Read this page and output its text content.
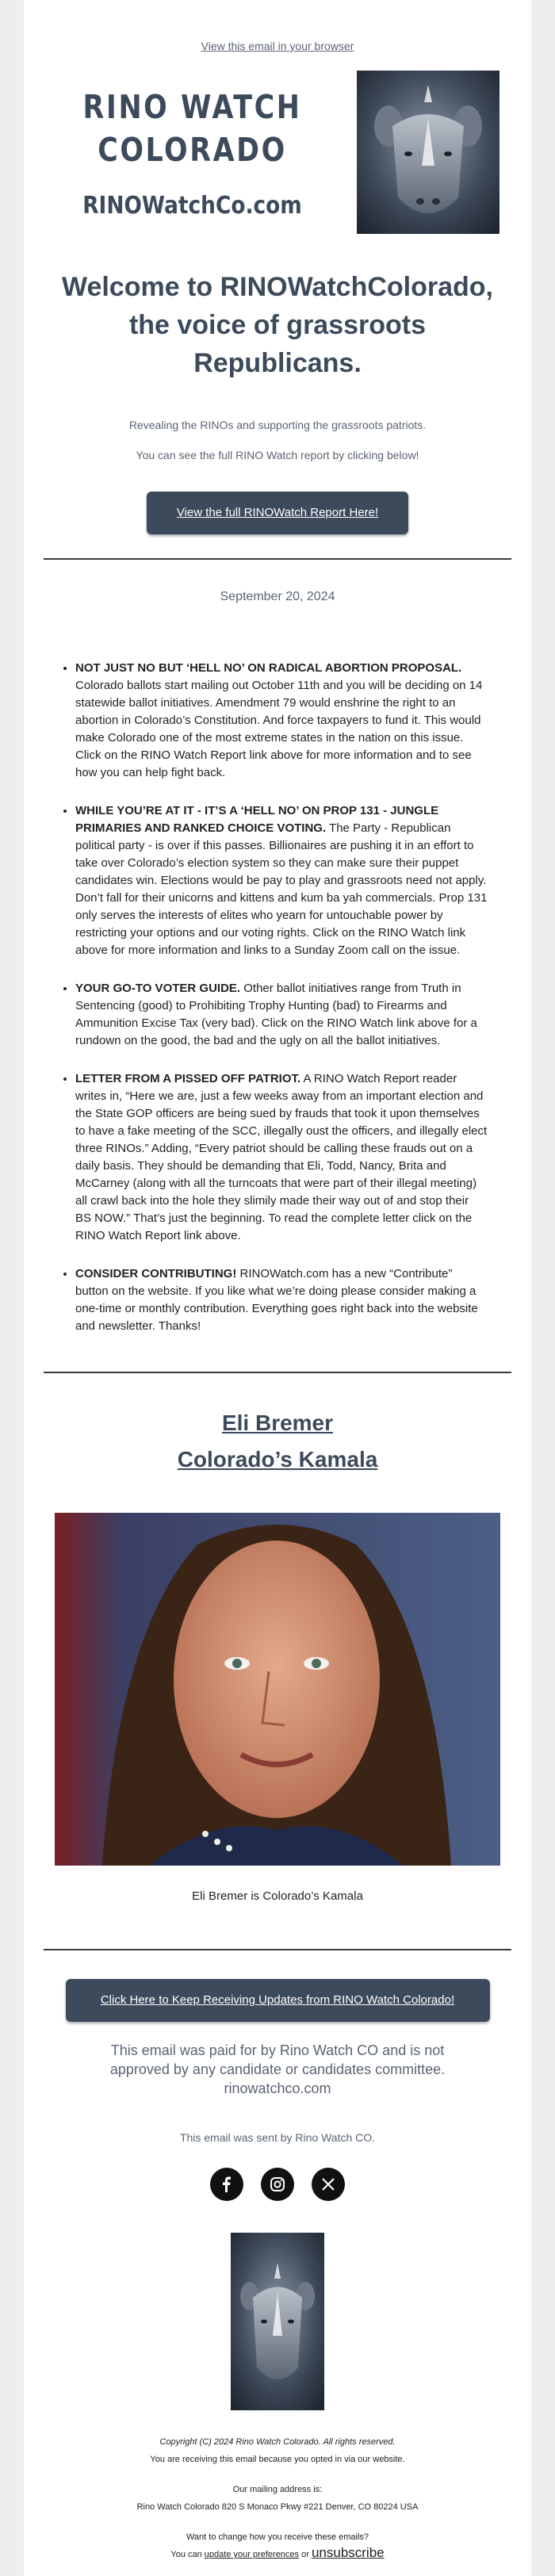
View this email in your browser
RINO WATCH
COLORADO
RINOWatchCo.com
Welcome to RINOWatchColorado, the voice of grassroots Republicans.
Revealing the RINOs and supporting the grassroots patriots.
You can see the full RINO Watch report by clicking below!
View the full RINOWatch Report Here!
September 20, 2024
• NOT JUST NO BUT ‘HELL NO’ ON RADICAL ABORTION PROPOSAL. Colorado ballots start mailing out October 11th and you will be deciding on 14 statewide ballot initiatives. Amendment 79 would enshrine the right to an abortion in Colorado’s Constitution. And force taxpayers to fund it. This would make Colorado one of the most extreme states in the nation on this issue. Click on the RINO Watch Report link above for more information and to see how you can help fight back.
• WHILE YOU’RE AT IT - IT’S A ‘HELL NO’ ON PROP 131 - JUNGLE PRIMARIES AND RANKED CHOICE VOTING. The Party - Republican political party - is over if this passes. Billionaires are pushing it in an effort to take over Colorado’s election system so they can make sure their puppet candidates win. Elections would be pay to play and grassroots need not apply. Don’t fall for their unicorns and kittens and kum ba yah commercials. Prop 131 only serves the interests of elites who yearn for untouchable power by restricting your options and our voting rights. Click on the RINO Watch link above for more information and links to a Sunday Zoom call on the issue.
• YOUR GO-TO VOTER GUIDE. Other ballot initiatives range from Truth in Sentencing (good) to Prohibiting Trophy Hunting (bad) to Firearms and Ammunition Excise Tax (very bad). Click on the RINO Watch link above for a rundown on the good, the bad and the ugly on all the ballot initiatives.
• LETTER FROM A PISSED OFF PATRIOT. A RINO Watch Report reader writes in, “Here we are, just a few weeks away from an important election and the State GOP officers are being sued by frauds that took it upon themselves to have a fake meeting of the SCC, illegally oust the officers, and illegally elect three RINOs.” Adding, “Every patriot should be calling these frauds out on a daily basis. They should be demanding that Eli, Todd, Nancy, Brita and McCarney (along with all the turncoats that were part of their illegal meeting) all crawl back into the hole they slimily made their way out of and stop their BS NOW.” That’s just the beginning. To read the complete letter click on the RINO Watch Report link above.
• CONSIDER CONTRIBUTING! RINOWatch.com has a new “Contribute” button on the website. If you like what we’re doing please consider making a one-time or monthly contribution. Everything goes right back into the website and newsletter. Thanks!
Eli Bremer
Colorado’s Kamala
Eli Bremer is Colorado’s Kamala
Click Here to Keep Receiving Updates from RINO Watch Colorado!
This email was paid for by Rino Watch CO and is not approved by any candidate or candidates committee.
rinowatchco.com
This email was sent by Rino Watch CO.
Copyright (C) 2024 Rino Watch Colorado. All rights reserved.
You are receiving this email because you opted in via our website.
Our mailing address is:
Rino Watch Colorado 820 S Monaco Pkwy #221 Denver, CO 80224 USA
Want to change how you receive these emails?
You can update your preferences or unsubscribe
